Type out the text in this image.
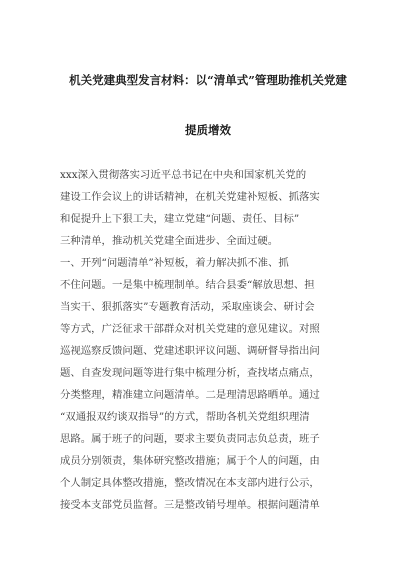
机关党建典型发言材料：以“清单式”管理助推机关党建
提质增效
xxx深入贯彻落实习近平总书记在中央和国家机关党的
建设工作会议上的讲话精神，在机关党建补短板、抓落实
和促提升上下狠工夫，建立党建“问题、责任、目标”
三种清单，推动机关党建全面进步、全面过硬。
一、开列“问题清单”补短板，着力解决抓不准、抓
不住问题。一是集中梳理制单。结合县委“解放思想、担
当实干、狠抓落实”专题教育活动，采取座谈会、研讨会
等方式，广泛征求干部群众对机关党建的意见建议。对照
巡视巡察反馈问题、党建述职评议问题、调研督导指出问
题、自查发现问题等进行集中梳理分析，查找堵点痛点，
分类整理，精准建立问题清单。二是理清思路晒单。通过
“双通报双约谈双指导”的方式，帮助各机关党组织理清
思路。属于班子的问题，要求主要负责同志负总责，班子
成员分别领责，集体研究整改措施；属于个人的问题，由
个人制定具体整改措施，整改情况在本支部内进行公示，
接受本支部党员监督。三是整改销号埋单。根据问题清单
